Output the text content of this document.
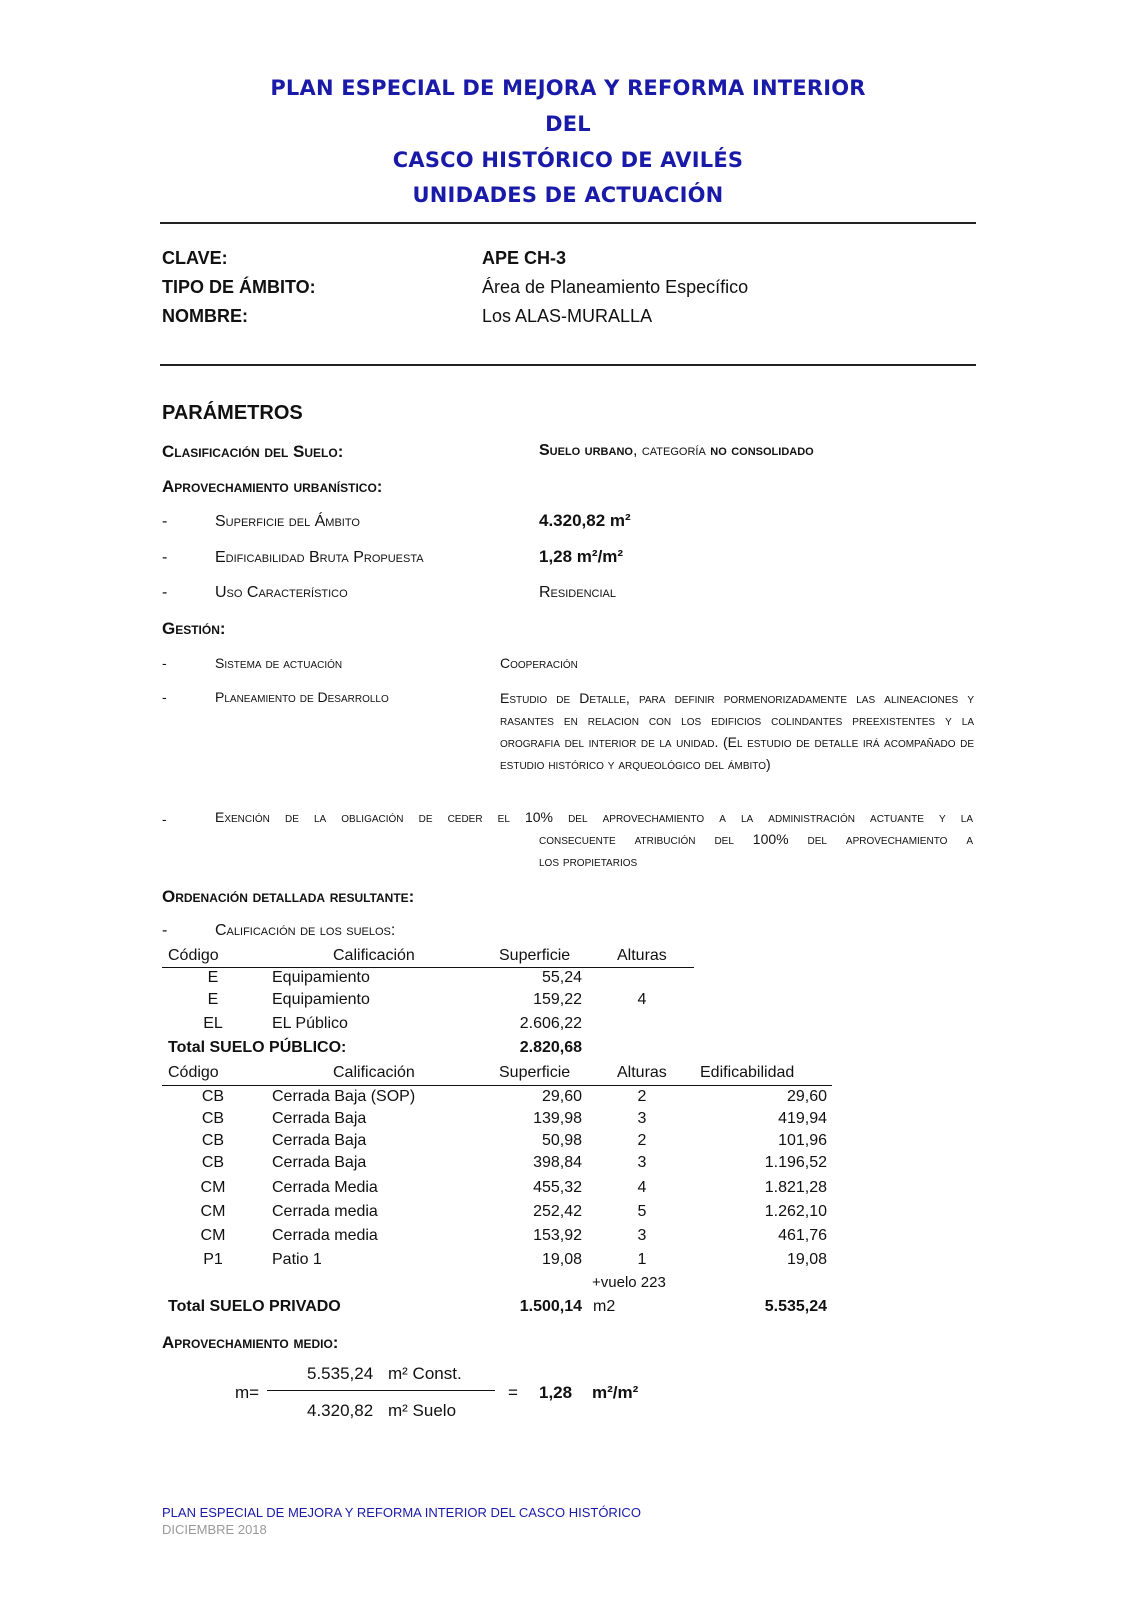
PLAN ESPECIAL DE MEJORA Y REFORMA INTERIOR
DEL
CASCO HISTÓRICO DE AVILÉS
UNIDADES DE ACTUACIÓN
CLAVE:	APE CH-3
TIPO DE ÁMBITO:	Área de Planeamiento Específico
NOMBRE:	Los ALAS-MURALLA
PARÁMETROS
Clasificación del Suelo:	Suelo urbano, categoría no consolidado
Aprovechamiento urbanístico:
-	Superficie del Ámbito	4.320,82 m²
-	Edificabilidad Bruta Propuesta	1,28 m²/m²
-	Uso Característico	Residencial
Gestión:
-	Sistema de actuación	Cooperación
-	Planeamiento de Desarrollo	Estudio de Detalle, para definir pormenorizadamente las alineaciones y rasantes en relacion con los edificios colindantes preexistentes y la orografia del interior de la unidad. (El estudio de detalle irá acompañado de estudio histórico y arqueológico del ámbito)
-	Exención de la obligación de ceder el 10% del aprovechamiento a la administración actuante y la
consecuente atribución del 100% del aprovechamiento a
los propietarios
Ordenación detallada resultante:
-	Calificación de los suelos:
Código	Calificación	Superficie	Alturas
E	Equipamiento	55,24
E	Equipamiento	159,22	4
EL	EL Público	2.606,22
Total SUELO PÚBLICO:	2.820,68
Código	Calificación	Superficie	Alturas Edificabilidad
CB	Cerrada Baja (SOP)	29,60	2	29,60
CB	Cerrada Baja	139,98	3	419,94
CB	Cerrada Baja	50,98	2	101,96
CB	Cerrada Baja	398,84	3	1.196,52
CM	Cerrada Media	455,32	4	1.821,28
CM	Cerrada media	252,42	5	1.262,10
CM	Cerrada media	153,92	3	461,76
P1	Patio 1	19,08	1	19,08
+vuelo 223
Total SUELO PRIVADO	1.500,14 m2	5.535,24
Aprovechamiento medio:
m=
5.535,24 m² Const.
4.320,82 m² Suelo
= 1,28 m²/m²
PLAN ESPECIAL DE MEJORA Y REFORMA INTERIOR DEL CASCO HISTÓRICO
DICIEMBRE 2018
